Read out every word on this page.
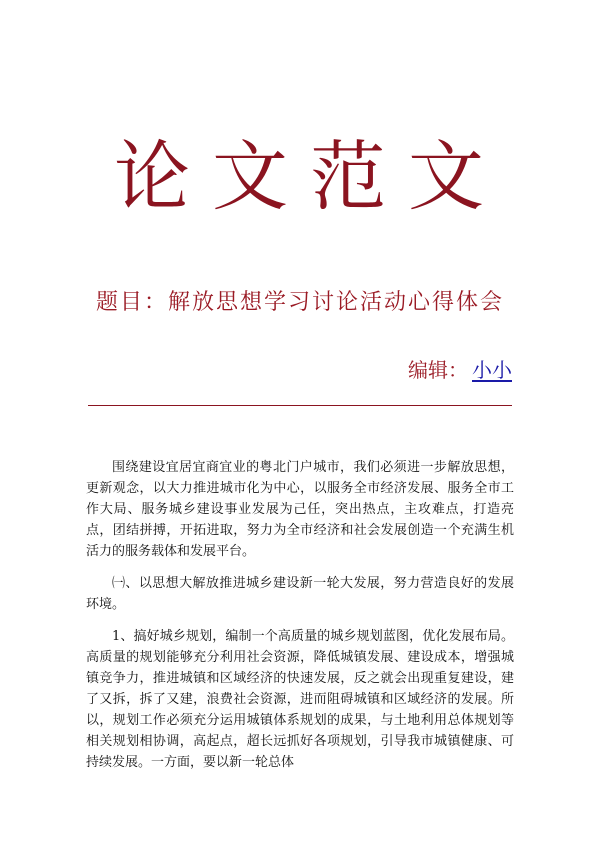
论文范文
题目：解放思想学习讨论活动心得体会
编辑： 小小

围绕建设宜居宜商宜业的粤北门户城市，我们必须进一步解放思想，更新观念，以大力推进城市化为中心，以服务全市经济发展、服务全市工作大局、服务城乡建设事业发展为己任，突出热点，主攻难点，打造亮点，团结拼搏，开拓进取，努力为全市经济和社会发展创造一个充满生机活力的服务载体和发展平台。

㈠、以思想大解放推进城乡建设新一轮大发展，努力营造良好的发展环境。

1、搞好城乡规划，编制一个高质量的城乡规划蓝图，优化发展布局。高质量的规划能够充分利用社会资源，降低城镇发展、建设成本，增强城镇竞争力，推进城镇和区域经济的快速发展，反之就会出现重复建设，建了又拆，拆了又建，浪费社会资源，进而阻碍城镇和区域经济的发展。所以，规划工作必须充分运用城镇体系规划的成果，与土地利用总体规划等相关规划相协调，高起点，超长远抓好各项规划，引导我市城镇健康、可持续发展。一方面，要以新一轮总体
